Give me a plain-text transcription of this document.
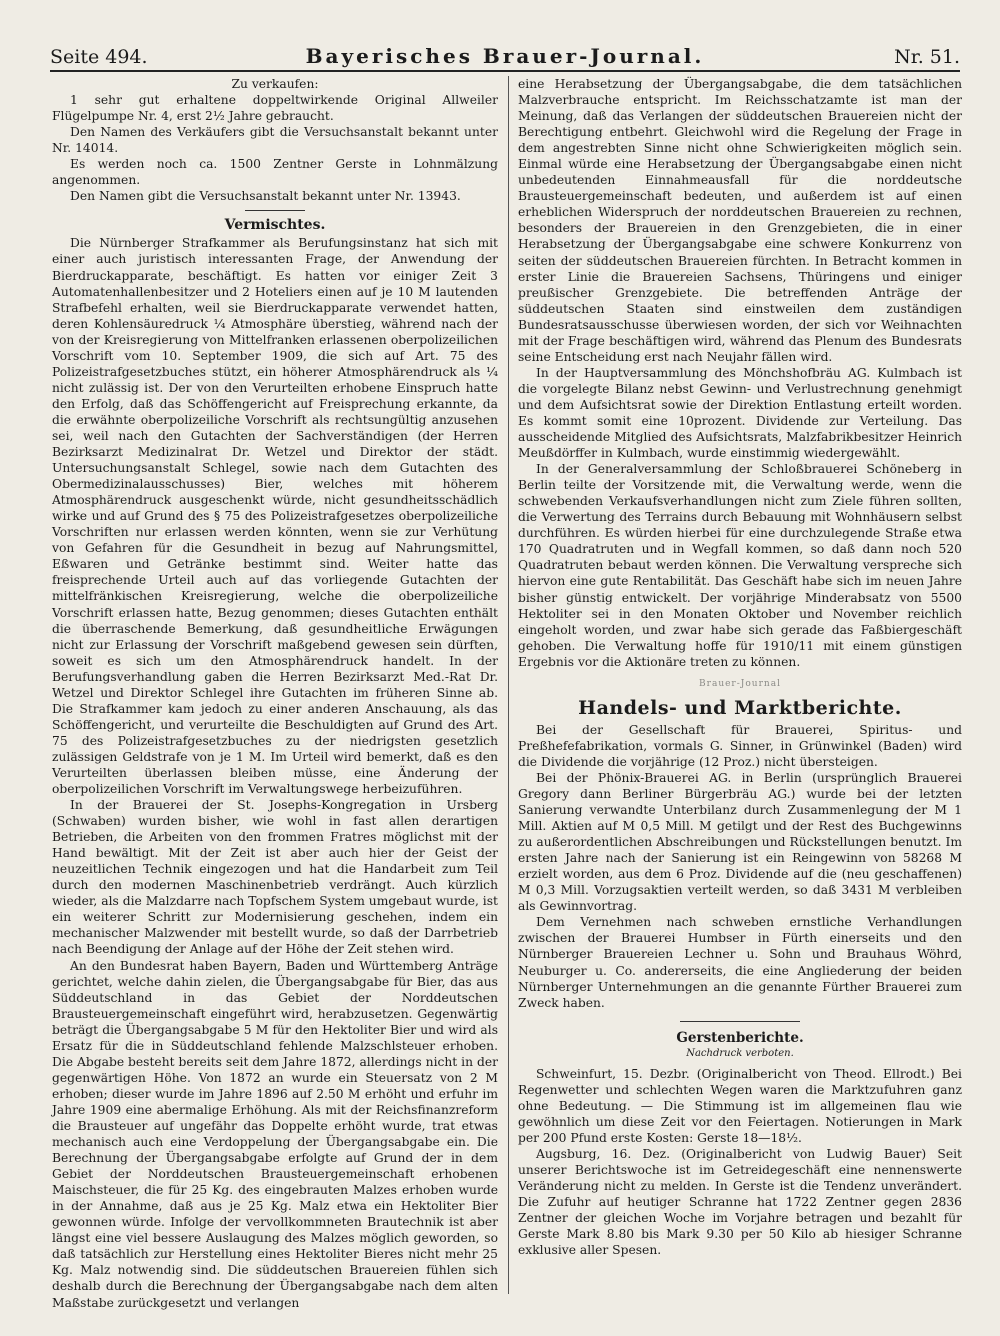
Seite 494.	Bayerisches Brauer-Journal.	Nr. 51.

Zu verkaufen:

1 sehr gut erhaltene doppeltwirkende Original Allweiler Flügelpumpe Nr. 4, erst 2½ Jahre gebraucht.

Den Namen des Verkäufers gibt die Versuchsanstalt bekannt unter Nr. 14014.

Es werden noch ca. 1500 Zentner Gerste in Lohnmälzung angenommen.

Den Namen gibt die Versuchsanstalt bekannt unter Nr. 13943.

Vermischtes.

Die Nürnberger Strafkammer als Berufungsinstanz hat sich mit einer auch juristisch interessanten Frage, der Anwendung der Bierdruckapparate, beschäftigt. Es hatten vor einiger Zeit 3 Automatenhallenbesitzer und 2 Hoteliers einen auf je 10 M lautenden Strafbefehl erhalten, weil sie Bierdruckapparate verwendet hatten, deren Kohlensäuredruck ¼ Atmosphäre überstieg, während nach der von der Kreisregierung von Mittelfranken erlassenen oberpolizeilichen Vorschrift vom 10. September 1909, die sich auf Art. 75 des Polizeistrafgesetzbuches stützt, ein höherer Atmosphärendruck als ¼ nicht zulässig ist. Der von den Verurteilten erhobene Einspruch hatte den Erfolg, daß das Schöffengericht auf Freisprechung erkannte, da die erwähnte oberpolizeiliche Vorschrift als rechtsungültig anzusehen sei, weil nach den Gutachten der Sachverständigen (der Herren Bezirksarzt Medizinalrat Dr. Wetzel und Direktor der städt. Untersuchungsanstalt Schlegel, sowie nach dem Gutachten des Obermedizinalausschusses) Bier, welches mit höherem Atmosphärendruck ausgeschenkt würde, nicht gesundheitsschädlich wirke und auf Grund des § 75 des Polizeistrafgesetzes oberpolizeiliche Vorschriften nur erlassen werden könnten, wenn sie zur Verhütung von Gefahren für die Gesundheit in bezug auf Nahrungsmittel, Eßwaren und Getränke bestimmt sind. Weiter hatte das freisprechende Urteil auch auf das vorliegende Gutachten der mittelfränkischen Kreisregierung, welche die oberpolizeiliche Vorschrift erlassen hatte, Bezug genommen; dieses Gutachten enthält die überraschende Bemerkung, daß gesundheitliche Erwägungen nicht zur Erlassung der Vorschrift maßgebend gewesen sein dürften, soweit es sich um den Atmosphärendruck handelt. In der Berufungsverhandlung gaben die Herren Bezirksarzt Med.-Rat Dr. Wetzel und Direktor Schlegel ihre Gutachten im früheren Sinne ab. Die Strafkammer kam jedoch zu einer anderen Anschauung, als das Schöffengericht, und verurteilte die Beschuldigten auf Grund des Art. 75 des Polizeistrafgesetzbuches zu der niedrigsten gesetzlich zulässigen Geldstrafe von je 1 M. Im Urteil wird bemerkt, daß es den Verurteilten überlassen bleiben müsse, eine Änderung der oberpolizeilichen Vorschrift im Verwaltungswege herbeizuführen.

In der Brauerei der St. Josephs-Kongregation in Ursberg (Schwaben) wurden bisher, wie wohl in fast allen derartigen Betrieben, die Arbeiten von den frommen Fratres möglichst mit der Hand bewältigt. Mit der Zeit ist aber auch hier der Geist der neuzeitlichen Technik eingezogen und hat die Handarbeit zum Teil durch den modernen Maschinenbetrieb verdrängt. Auch kürzlich wieder, als die Malzdarre nach Topfschem System umgebaut wurde, ist ein weiterer Schritt zur Modernisierung geschehen, indem ein mechanischer Malzwender mit bestellt wurde, so daß der Darrbetrieb nach Beendigung der Anlage auf der Höhe der Zeit stehen wird.

An den Bundesrat haben Bayern, Baden und Württemberg Anträge gerichtet, welche dahin zielen, die Übergangsabgabe für Bier, das aus Süddeutschland in das Gebiet der Norddeutschen Brausteuergemeinschaft eingeführt wird, herabzusetzen. Gegenwärtig beträgt die Übergangsabgabe 5 M für den Hektoliter Bier und wird als Ersatz für die in Süddeutschland fehlende Malzschlsteuer erhoben. Die Abgabe besteht bereits seit dem Jahre 1872, allerdings nicht in der gegenwärtigen Höhe. Von 1872 an wurde ein Steuersatz von 2 M erhoben; dieser wurde im Jahre 1896 auf 2.50 M erhöht und erfuhr im Jahre 1909 eine abermalige Erhöhung. Als mit der Reichsfinanzreform die Brausteuer auf ungefähr das Doppelte erhöht wurde, trat etwas mechanisch auch eine Verdoppelung der Übergangsabgabe ein. Die Berechnung der Übergangsabgabe erfolgte auf Grund der in dem Gebiet der Norddeutschen Brausteuergemeinschaft erhobenen Maischsteuer, die für 25 Kg. des eingebrauten Malzes erhoben wurde in der Annahme, daß aus je 25 Kg. Malz etwa ein Hektoliter Bier gewonnen würde. Infolge der vervollkommneten Brautechnik ist aber längst eine viel bessere Auslaugung des Malzes möglich geworden, so daß tatsächlich zur Herstellung eines Hektoliter Bieres nicht mehr 25 Kg. Malz notwendig sind. Die süddeutschen Brauereien fühlen sich deshalb durch die Berechnung der Übergangsabgabe nach dem alten Maßstabe zurückgesetzt und verlangen

eine Herabsetzung der Übergangsabgabe, die dem tatsächlichen Malzverbrauche entspricht. Im Reichsschatzamte ist man der Meinung, daß das Verlangen der süddeutschen Brauereien nicht der Berechtigung entbehrt. Gleichwohl wird die Regelung der Frage in dem angestrebten Sinne nicht ohne Schwierigkeiten möglich sein. Einmal würde eine Herabsetzung der Übergangsabgabe einen nicht unbedeutenden Einnahmeausfall für die norddeutsche Brausteuergemeinschaft bedeuten, und außerdem ist auf einen erheblichen Widerspruch der norddeutschen Brauereien zu rechnen, besonders der Brauereien in den Grenzgebieten, die in einer Herabsetzung der Übergangsabgabe eine schwere Konkurrenz von seiten der süddeutschen Brauereien fürchten. In Betracht kommen in erster Linie die Brauereien Sachsens, Thüringens und einiger preußischer Grenzgebiete. Die betreffenden Anträge der süddeutschen Staaten sind einstweilen dem zuständigen Bundesratsausschusse überwiesen worden, der sich vor Weihnachten mit der Frage beschäftigen wird, während das Plenum des Bundesrats seine Entscheidung erst nach Neujahr fällen wird.

In der Hauptversammlung des Mönchshofbräu AG. Kulmbach ist die vorgelegte Bilanz nebst Gewinn- und Verlustrechnung genehmigt und dem Aufsichtsrat sowie der Direktion Entlastung erteilt worden. Es kommt somit eine 10prozent. Dividende zur Verteilung. Das ausscheidende Mitglied des Aufsichtsrats, Malzfabrikbesitzer Heinrich Meußdörffer in Kulmbach, wurde einstimmig wiedergewählt.

In der Generalversammlung der Schloßbrauerei Schöneberg in Berlin teilte der Vorsitzende mit, die Verwaltung werde, wenn die schwebenden Verkaufsverhandlungen nicht zum Ziele führen sollten, die Verwertung des Terrains durch Bebauung mit Wohnhäusern selbst durchführen. Es würden hierbei für eine durchzulegende Straße etwa 170 Quadratruten und in Wegfall kommen, so daß dann noch 520 Quadratruten bebaut werden können. Die Verwaltung verspreche sich hiervon eine gute Rentabilität. Das Geschäft habe sich im neuen Jahre bisher günstig entwickelt. Der vorjährige Minderabsatz von 5500 Hektoliter sei in den Monaten Oktober und November reichlich eingeholt worden, und zwar habe sich gerade das Faßbiergeschäft gehoben. Die Verwaltung hoffe für 1910/11 mit einem günstigen Ergebnis vor die Aktionäre treten zu können.

Brauer-Journal
Handels- und Marktberichte.

Bei der Gesellschaft für Brauerei, Spiritus- und Preßhefefabrikation, vormals G. Sinner, in Grünwinkel (Baden) wird die Dividende die vorjährige (12 Proz.) nicht übersteigen.

Bei der Phönix-Brauerei AG. in Berlin (ursprünglich Brauerei Gregory dann Berliner Bürgerbräu AG.) wurde bei der letzten Sanierung verwandte Unterbilanz durch Zusammenlegung der M 1 Mill. Aktien auf M 0,5 Mill. M getilgt und der Rest des Buchgewinns zu außerordentlichen Abschreibungen und Rückstellungen benutzt. Im ersten Jahre nach der Sanierung ist ein Reingewinn von 58268 M erzielt worden, aus dem 6 Proz. Dividende auf die (neu geschaffenen) M 0,3 Mill. Vorzugsaktien verteilt werden, so daß 3431 M verbleiben als Gewinnvortrag.

Dem Vernehmen nach schweben ernstliche Verhandlungen zwischen der Brauerei Humbser in Fürth einerseits und den Nürnberger Brauereien Lechner u. Sohn und Brauhaus Wöhrd, Neuburger u. Co. andererseits, die eine Angliederung der beiden Nürnberger Unternehmungen an die genannte Fürther Brauerei zum Zweck haben.

Gerstenberichte.
Nachdruck verboten.

Schweinfurt, 15. Dezbr. (Originalbericht von Theod. Ellrodt.) Bei Regenwetter und schlechten Wegen waren die Marktzufuhren ganz ohne Bedeutung. — Die Stimmung ist im allgemeinen flau wie gewöhnlich um diese Zeit vor den Feiertagen. Notierungen in Mark per 200 Pfund erste Kosten: Gerste 18—18½.

Augsburg, 16. Dez. (Originalbericht von Ludwig Bauer) Seit unserer Berichtswoche ist im Getreidegeschäft eine nennenswerte Veränderung nicht zu melden. In Gerste ist die Tendenz unverändert. Die Zufuhr auf heutiger Schranne hat 1722 Zentner gegen 2836 Zentner der gleichen Woche im Vorjahre betragen und bezahlt für Gerste Mark 8.80 bis Mark 9.30 per 50 Kilo ab hiesiger Schranne exklusive aller Spesen.
